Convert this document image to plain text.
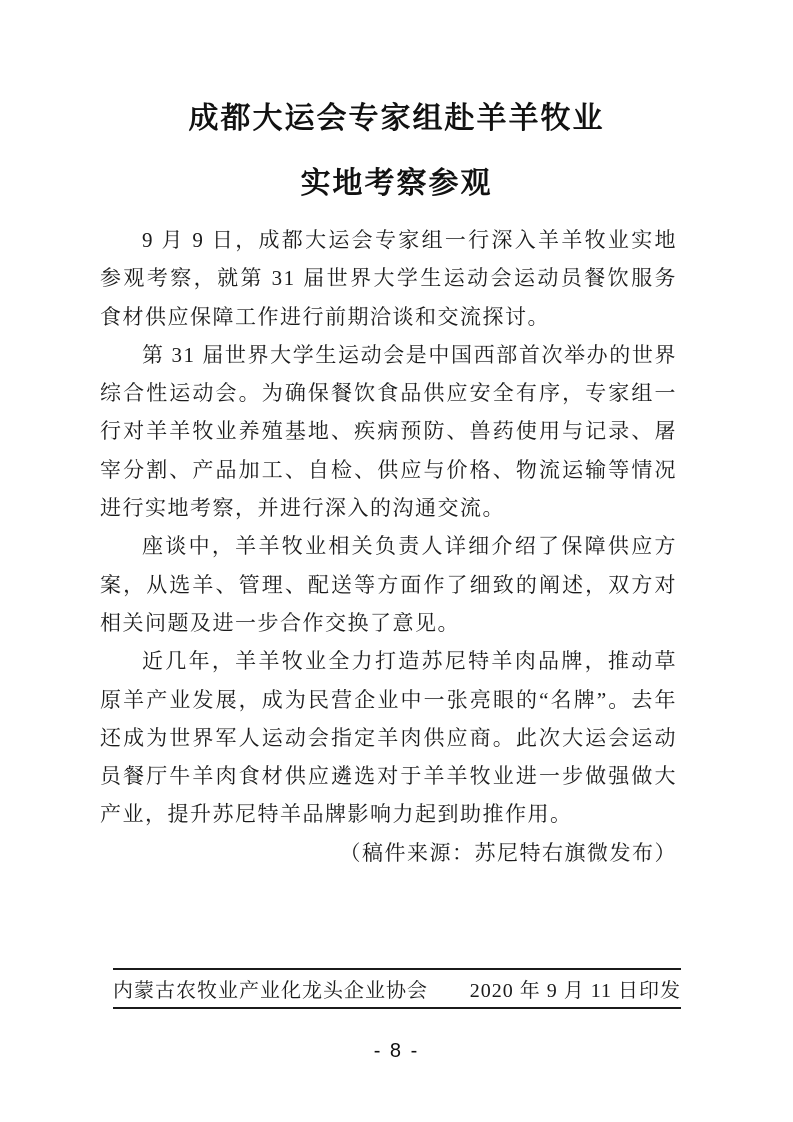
成都大运会专家组赴羊羊牧业
实地考察参观

9 月 9 日，成都大运会专家组一行深入羊羊牧业实地参观考察，就第 31 届世界大学生运动会运动员餐饮服务食材供应保障工作进行前期洽谈和交流探讨。

第 31 届世界大学生运动会是中国西部首次举办的世界综合性运动会。为确保餐饮食品供应安全有序，专家组一行对羊羊牧业养殖基地、疾病预防、兽药使用与记录、屠宰分割、产品加工、自检、供应与价格、物流运输等情况进行实地考察，并进行深入的沟通交流。

座谈中，羊羊牧业相关负责人详细介绍了保障供应方案，从选羊、管理、配送等方面作了细致的阐述，双方对相关问题及进一步合作交换了意见。

近几年，羊羊牧业全力打造苏尼特羊肉品牌，推动草原羊产业发展，成为民营企业中一张亮眼的“名牌”。去年还成为世界军人运动会指定羊肉供应商。此次大运会运动员餐厅牛羊肉食材供应遴选对于羊羊牧业进一步做强做大产业，提升苏尼特羊品牌影响力起到助推作用。

（稿件来源：苏尼特右旗微发布）

内蒙古农牧业产业化龙头企业协会 2020 年 9 月 11 日印发
- 8 -
